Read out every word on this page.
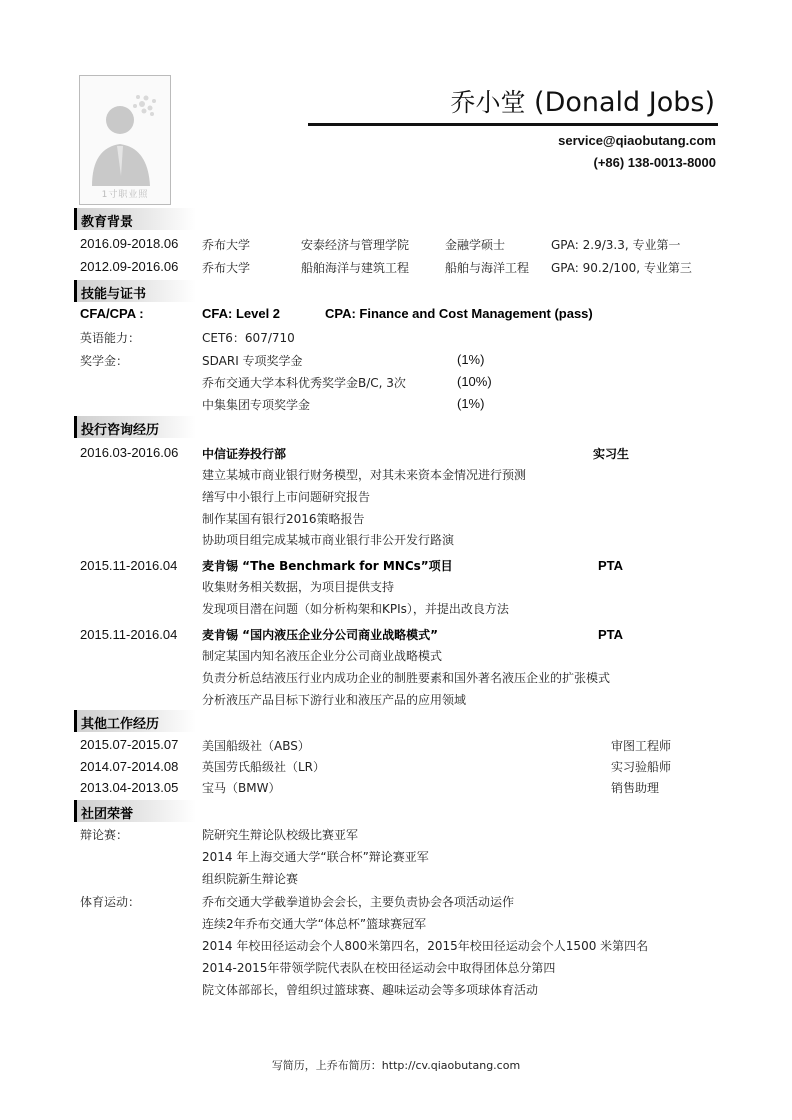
1寸职业照
乔小堂 (Donald Jobs)
service@qiaobutang.com
(+86) 138-0013-8000
教育背景
2016.09-2018.06 乔布大学	安泰经济与管理学院	金融学硕士	GPA: 2.9/3.3, 专业第一
2012.09-2016.06 乔布大学	船舶海洋与建筑工程	船舶与海洋工程 GPA: 90.2/100, 专业第三
技能与证书
CFA/CPA :	CFA: Level 2	CPA: Finance and Cost Management (pass)
英语能力：	CET6：607/710
奖学金：	SDARI 专项奖学金	(1%)
乔布交通大学本科优秀奖学金B/C, 3次	(10%)
中集集团专项奖学金	(1%)
投行咨询经历
2016.03-2016.06 中信证券投行部	实习生
建立某城市商业银行财务模型，对其未来资本金情况进行预测
缮写中小银行上市问题研究报告
制作某国有银行2016策略报告
协助项目组完成某城市商业银行非公开发行路演
2015.11-2016.04 麦肯锡 “The Benchmark for MNCs”项目	PTA
收集财务相关数据，为项目提供支持
发现项目潜在问题（如分析构架和KPIs），并提出改良方法
2015.11-2016.04 麦肯锡 “国内液压企业分公司商业战略模式”	PTA
制定某国内知名液压企业分公司商业战略模式
负责分析总结液压行业内成功企业的制胜要素和国外著名液压企业的扩张模式
分析液压产品目标下游行业和液压产品的应用领域
其他工作经历
2015.07-2015.07 美国船级社（ABS）	审图工程师
2014.07-2014.08 英国劳氏船级社（LR）	实习验船师
2013.04-2013.05 宝马（BMW）	销售助理
社团荣誉
辩论赛：	院研究生辩论队校级比赛亚军
2014 年上海交通大学“联合杯”辩论赛亚军
组织院新生辩论赛
体育运动：	乔布交通大学截拳道协会会长，主要负责协会各项活动运作
连续2年乔布交通大学“体总杯”篮球赛冠军
2014 年校田径运动会个人800米第四名，2015年校田径运动会个人1500 米第四名
2014-2015年带领学院代表队在校田径运动会中取得团体总分第四
院文体部部长，曾组织过篮球赛、趣味运动会等多项球体育活动
写简历，上乔布简历：http://cv.qiaobutang.com
